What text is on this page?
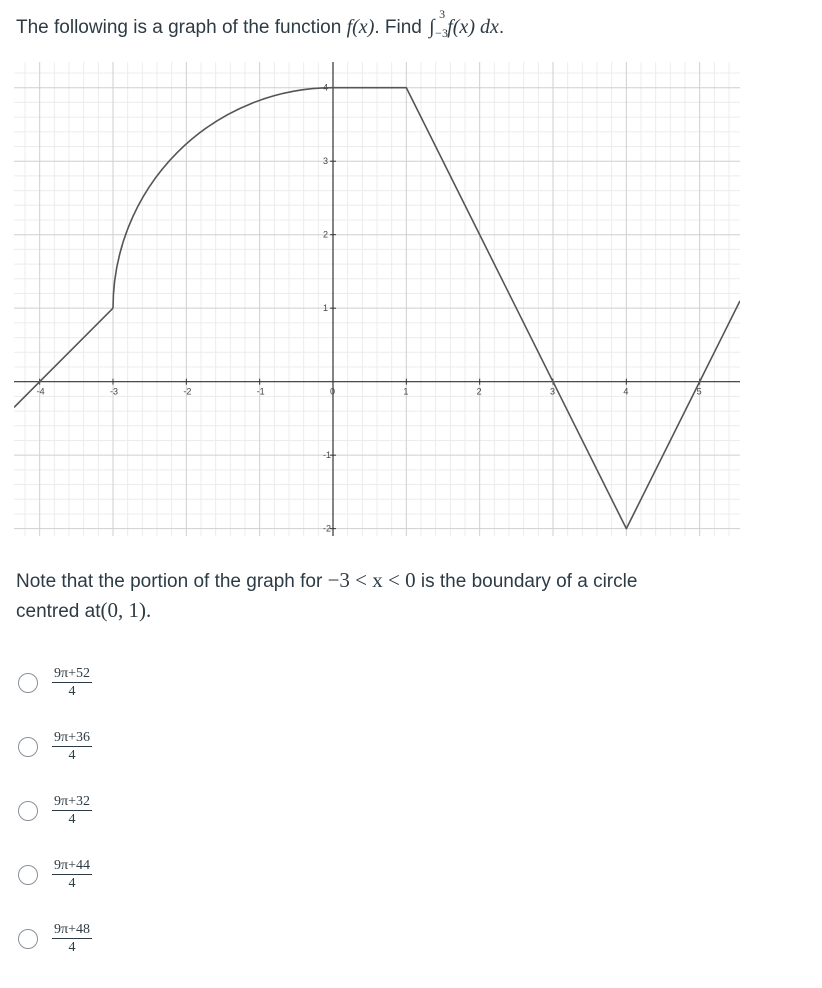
The following is a graph of the function f(x). Find ∫
3
−3 f(x) dx.
-4	-3	-2	-1	0	1	2	3	4	5
4
3
2
1
-1
-2
Note that the portion of the graph for −3 < x < 0 is the boundary of a circle
centred at(0, 1).
$\frac{9\pi+52}{4}$
$\frac{9\pi+36}{4}$
$\frac{9\pi+32}{4}$
$\frac{9\pi+44}{4}$
$\frac{9\pi+48}{4}$
